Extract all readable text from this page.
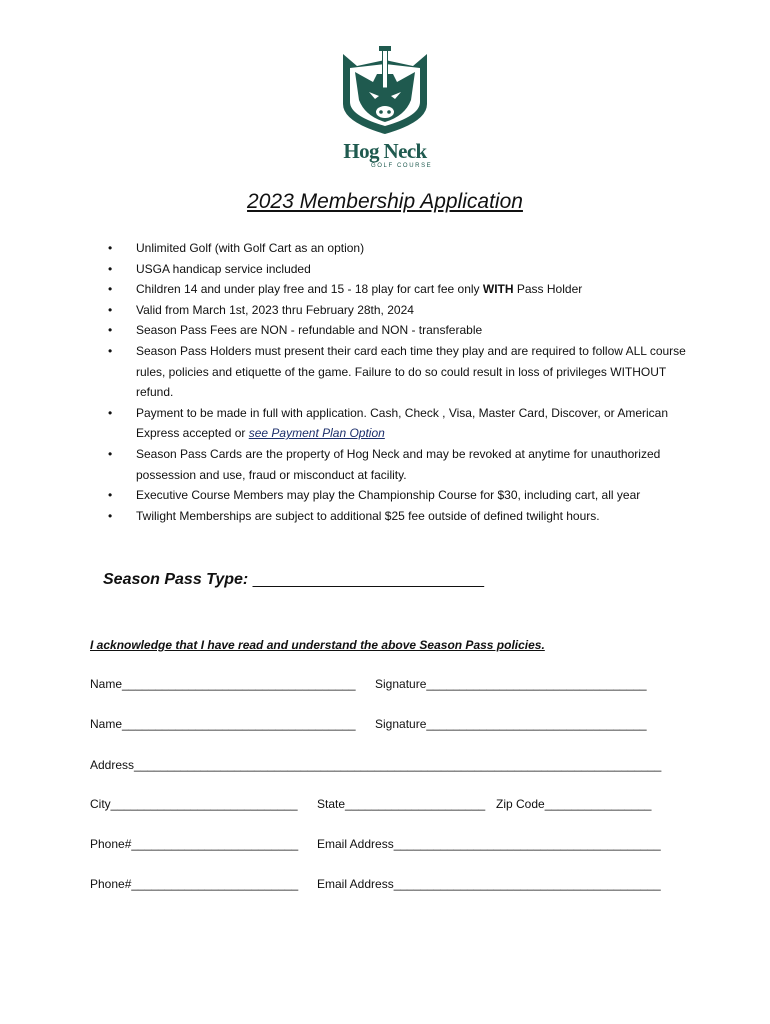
Hog Neck
GOLF COURSE
2023 Membership Application
• Unlimited Golf (with Golf Cart as an option)
• USGA handicap service included
• Children 14 and under play free and 15 - 18 play for cart fee only WITH Pass Holder
• Valid from March 1st, 2023 thru February 28th, 2024
• Season Pass Fees are NON - refundable and NON - transferable
• Season Pass Holders must present their card each time they play and are required to follow ALL course rules, policies and etiquette of the game. Failure to do so could result in loss of privileges WITHOUT refund.
• Payment to be made in full with application. Cash, Check , Visa, Master Card, Discover, or American Express accepted or see Payment Plan Option
• Season Pass Cards are the property of Hog Neck and may be revoked at anytime for unauthorized possession and use, fraud or misconduct at facility.
• Executive Course Members may play the Championship Course for $30, including cart, all year
• Twilight Memberships are subject to additional $25 fee outside of defined twilight hours.
Season Pass Type: __________________________
I acknowledge that I have read and understand the above Season Pass policies.
Name___________________________________ Signature_________________________________
Name___________________________________ Signature_________________________________
Address_______________________________________________________________________________
City____________________________ State_____________________ Zip Code________________
Phone#_________________________ Email Address________________________________________
Phone#_________________________ Email Address________________________________________
